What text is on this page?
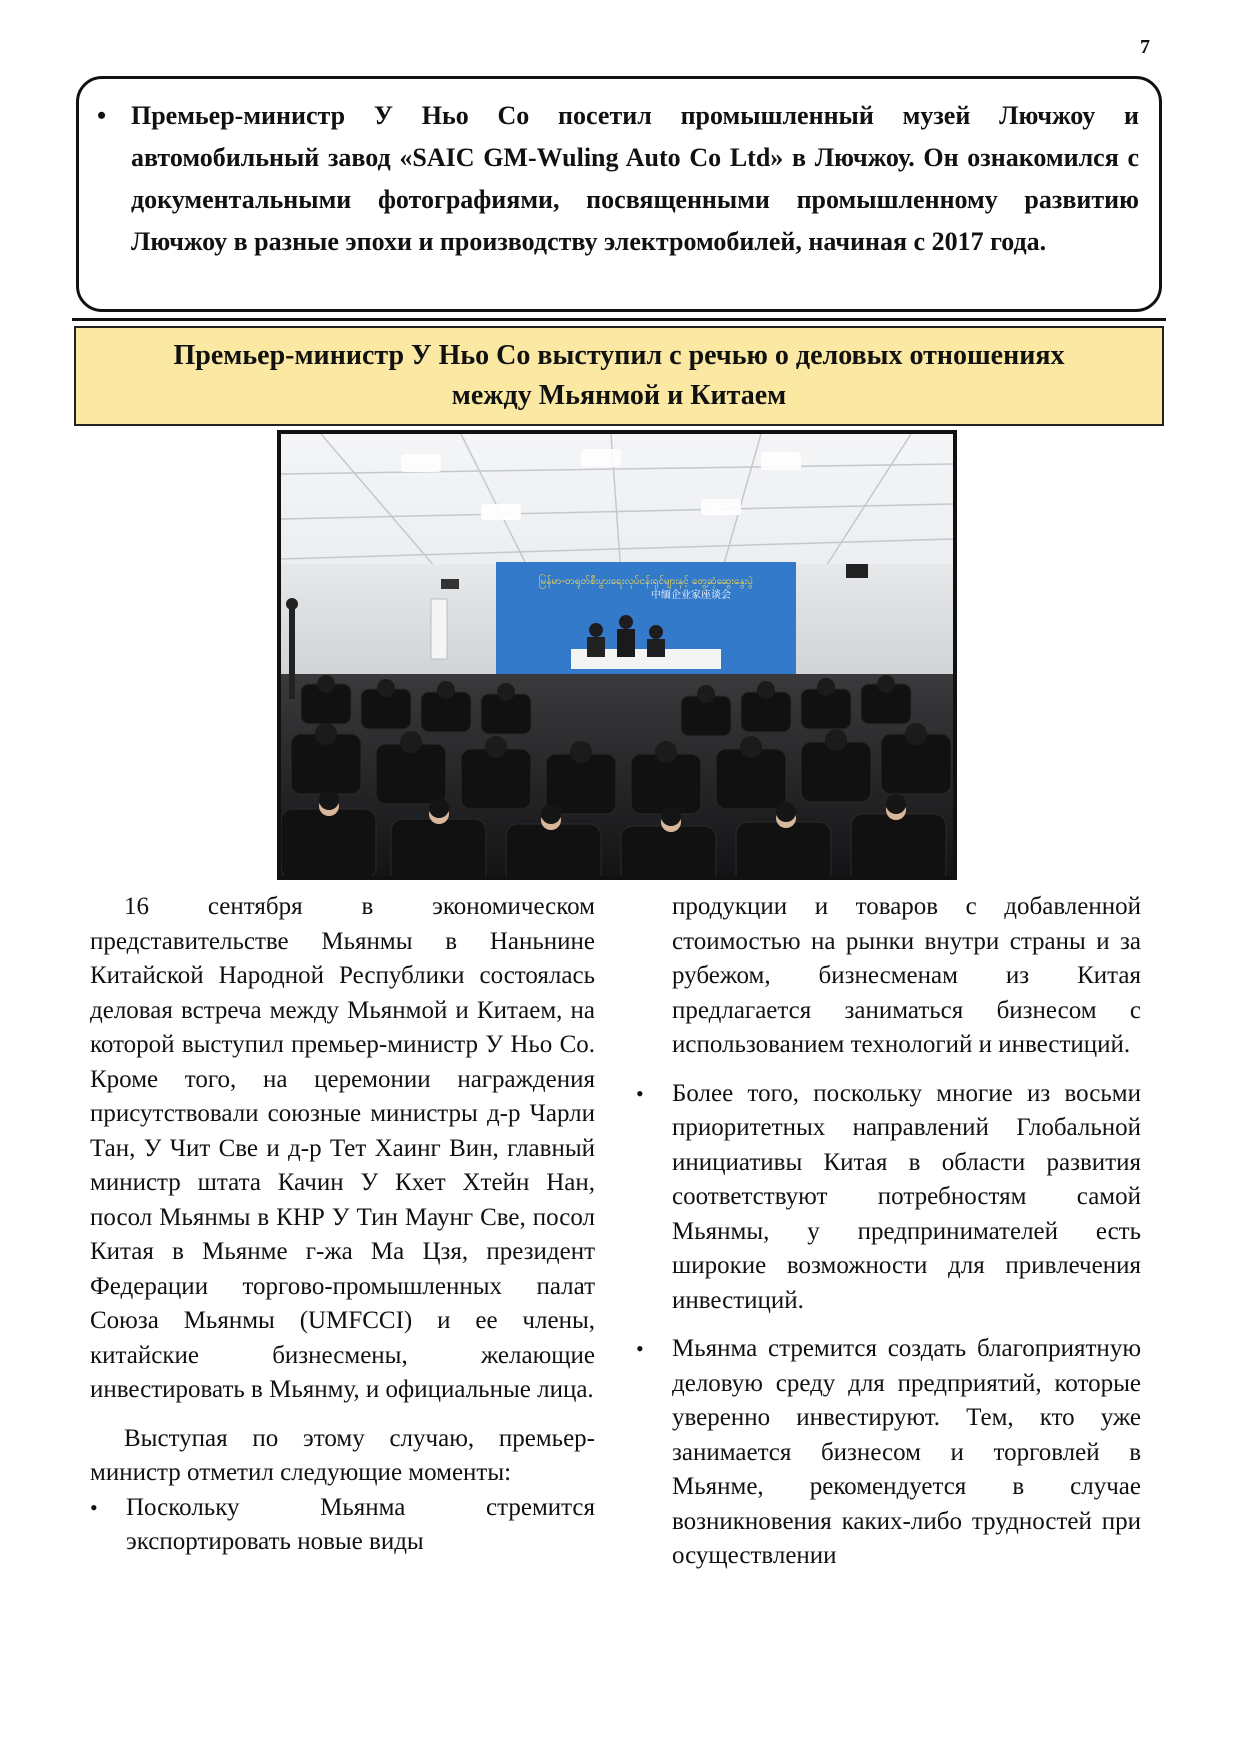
7
• Премьер-министр У Ньо Со посетил промышленный музей Лючжоу и автомобильный завод «SAIC GM-Wuling Auto Co Ltd» в Лючжоу. Он ознакомился с документальными фотографиями, посвященными промышленному развитию Лючжоу в разные эпохи и производству электромобилей, начиная с 2017 года.

Премьер-министр У Ньо Со выступил с речью о деловых отношениях
между Мьянмой и Китаем
မြန်မာ-တရုတ်စီးပွားရေးလုပ်ငန်းရှင်များနှင့် တွေ့ဆုံဆွေးနွေးပွဲ
中缅企业家座谈会

16 сентября в экономическом представительстве Мьянмы в Наньнине Китайской Народной Республики состоялась деловая встреча между Мьянмой и Китаем, на которой выступил премьер-министр У Ньо Со. Кроме того, на церемонии награждения присутствовали союзные министры д-р Чарли Тан, У Чит Све и д-р Тет Хаинг Вин, главный министр штата Качин У Кхет Хтейн Нан, посол Мьянмы в КНР У Тин Маунг Све, посол Китая в Мьянме г-жа Ма Цзя, президент Федерации торгово-промышленных палат Союза Мьянмы (UMFCCI) и ее члены, китайские бизнесмены, желающие инвестировать в Мьянму, и официальные лица.

Выступая по этому случаю, премьер-министр отметил следующие моменты:

• Поскольку Мьянма стремится экспортировать новые виды

продукции и товаров с добавленной стоимостью на рынки внутри страны и за рубежом, бизнесменам из Китая предлагается заниматься бизнесом с использованием технологий и инвестиций.

• Более того, поскольку многие из восьми приоритетных направлений Глобальной инициативы Китая в области развития соответствуют потребностям самой Мьянмы, у предпринимателей есть широкие возможности для привлечения инвестиций.

• Мьянма стремится создать благоприятную деловую среду для предприятий, которые уверенно инвестируют. Тем, кто уже занимается бизнесом и торговлей в Мьянме, рекомендуется в случае возникновения каких-либо трудностей при осуществлении
